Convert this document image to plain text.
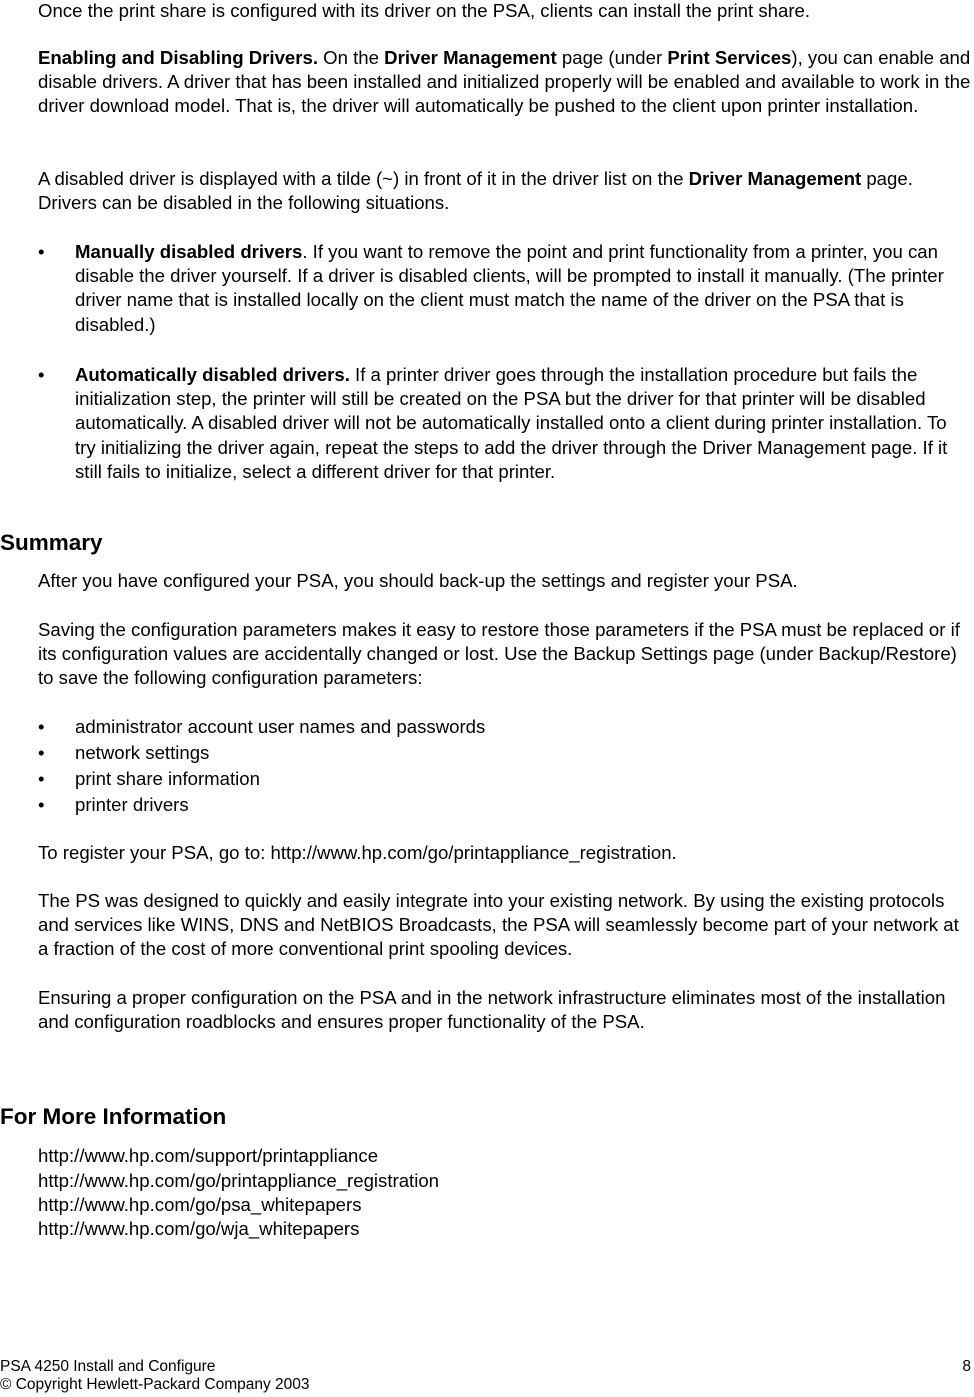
Once the print share is configured with its driver on the PSA, clients can install the print share.

Enabling and Disabling Drivers. On the Driver Management page (under Print Services), you can enable and disable drivers. A driver that has been installed and initialized properly will be enabled and available to work in the driver download model. That is, the driver will automatically be pushed to the client upon printer installation.

A disabled driver is displayed with a tilde (~) in front of it in the driver list on the Driver Management page. Drivers can be disabled in the following situations.

• Manually disabled drivers. If you want to remove the point and print functionality from a printer, you can disable the driver yourself. If a driver is disabled clients, will be prompted to install it manually. (The printer driver name that is installed locally on the client must match the name of the driver on the PSA that is disabled.)

• Automatically disabled drivers. If a printer driver goes through the installation procedure but fails the initialization step, the printer will still be created on the PSA but the driver for that printer will be disabled automatically. A disabled driver will not be automatically installed onto a client during printer installation. To try initializing the driver again, repeat the steps to add the driver through the Driver Management page. If it still fails to initialize, select a different driver for that printer.

Summary

After you have configured your PSA, you should back-up the settings and register your PSA.

Saving the configuration parameters makes it easy to restore those parameters if the PSA must be replaced or if its configuration values are accidentally changed or lost. Use the Backup Settings page (under Backup/Restore) to save the following configuration parameters:

• administrator account user names and passwords

• network settings

• print share information

• printer drivers

To register your PSA, go to: http://www.hp.com/go/printappliance_registration.

The PS was designed to quickly and easily integrate into your existing network. By using the existing protocols and services like WINS, DNS and NetBIOS Broadcasts, the PSA will seamlessly become part of your network at a fraction of the cost of more conventional print spooling devices.

Ensuring a proper configuration on the PSA and in the network infrastructure eliminates most of the installation and configuration roadblocks and ensures proper functionality of the PSA.

For More Information
http://www.hp.com/support/printappliance
http://www.hp.com/go/printappliance_registration
http://www.hp.com/go/psa_whitepapers
http://www.hp.com/go/wja_whitepapers
PSA 4250 Install and Configure	8
© Copyright Hewlett-Packard Company 2003
